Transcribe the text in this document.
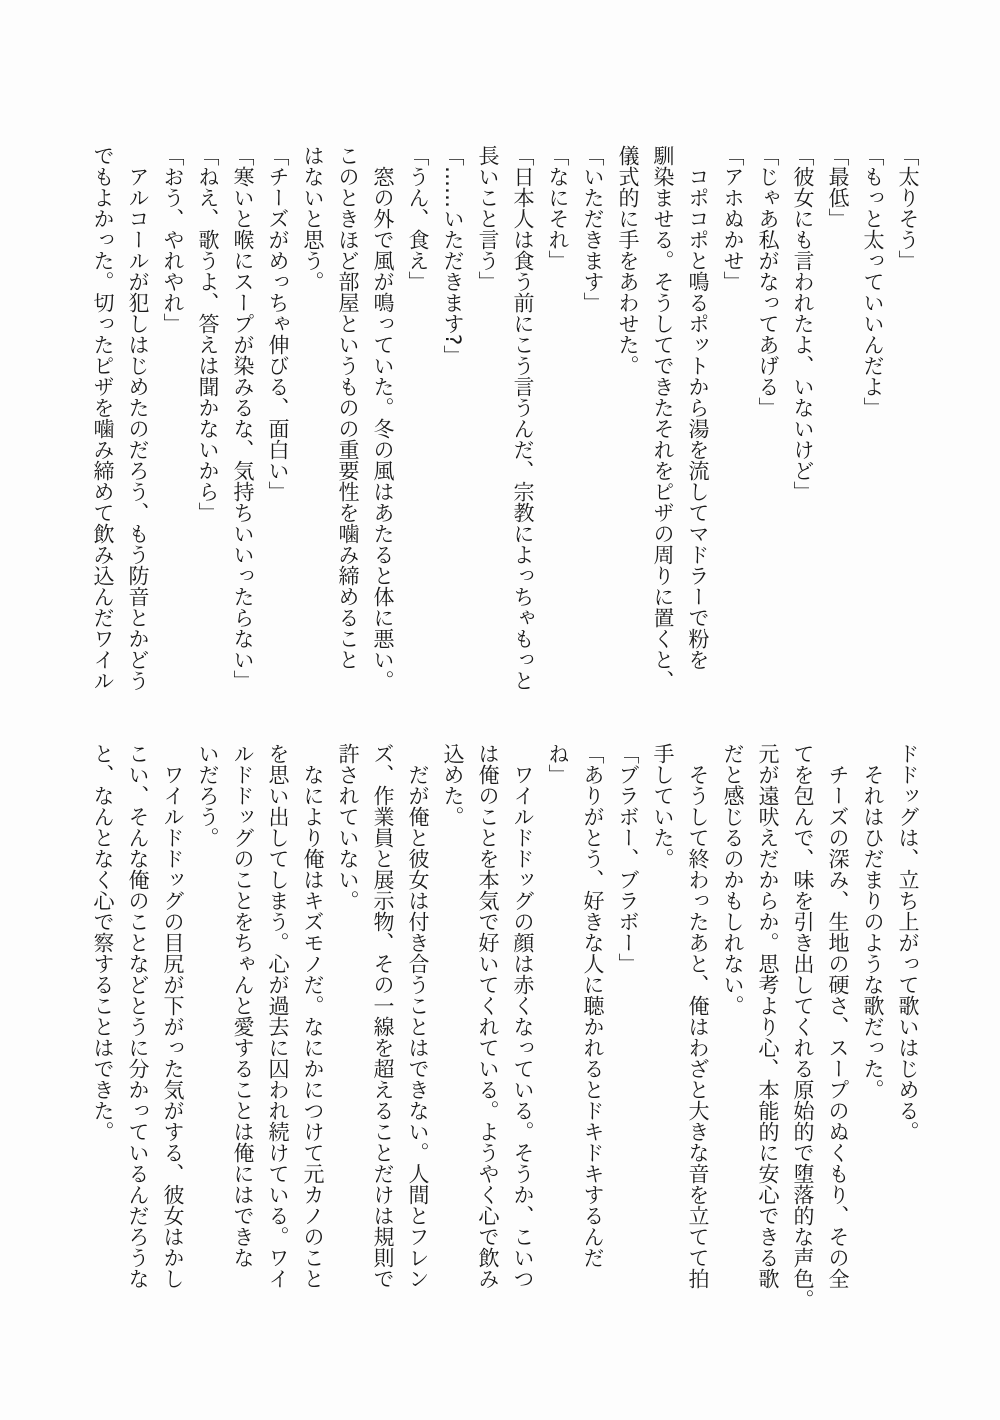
「太りそう」

「もっと太っていいんだよ」

「最低」

「彼女にも言われたよ、いないけど」

「じゃあ私がなってあげる」

「アホぬかせ」

　コポコポと鳴るポットから湯を流してマドラーで粉を

馴染ませる。そうしてできたそれをピザの周りに置くと、

儀式的に手をあわせた。

「いただきます」

「なにそれ」

「日本人は食う前にこう言うんだ、宗教によっちゃもっと

長いこと言う」

「……いただきます?」

「うん、食え」

　窓の外で風が鳴っていた。冬の風はあたると体に悪い。

このときほど部屋というものの重要性を噛み締めること

はないと思う。

「チーズがめっちゃ伸びる、面白い」

「寒いと喉にスープが染みるな、気持ちいいったらない」

「ねえ、歌うよ、答えは聞かないから」

「おう、やれやれ」

　アルコールが犯しはじめたのだろう、もう防音とかどう

でもよかった。切ったピザを噛み締めて飲み込んだワイル

ドドッグは、立ち上がって歌いはじめる。

　それはひだまりのような歌だった。

　チーズの深み、生地の硬さ、スープのぬくもり、その全

てを包んで、味を引き出してくれる原始的で堕落的な声色。

元が遠吠えだからか。思考より心、本能的に安心できる歌

だと感じるのかもしれない。

　そうして終わったあと、俺はわざと大きな音を立てて拍

手していた。

「ブラボー、ブラボー」

「ありがとう、好きな人に聴かれるとドキドキするんだ

ね」

　ワイルドドッグの顔は赤くなっている。そうか、こいつ

は俺のことを本気で好いてくれている。ようやく心で飲み

込めた。

　だが俺と彼女は付き合うことはできない。人間とフレン

ズ、作業員と展示物、その一線を超えることだけは規則で

許されていない。

　なにより俺はキズモノだ。なにかにつけて元カノのこと

を思い出してしまう。心が過去に囚われ続けている。ワイ

ルドドッグのことをちゃんと愛することは俺にはできな

いだろう。

　ワイルドドッグの目尻が下がった気がする、彼女はかし

こい、そんな俺のことなどとうに分かっているんだろうな

と、なんとなく心で察することはできた。
